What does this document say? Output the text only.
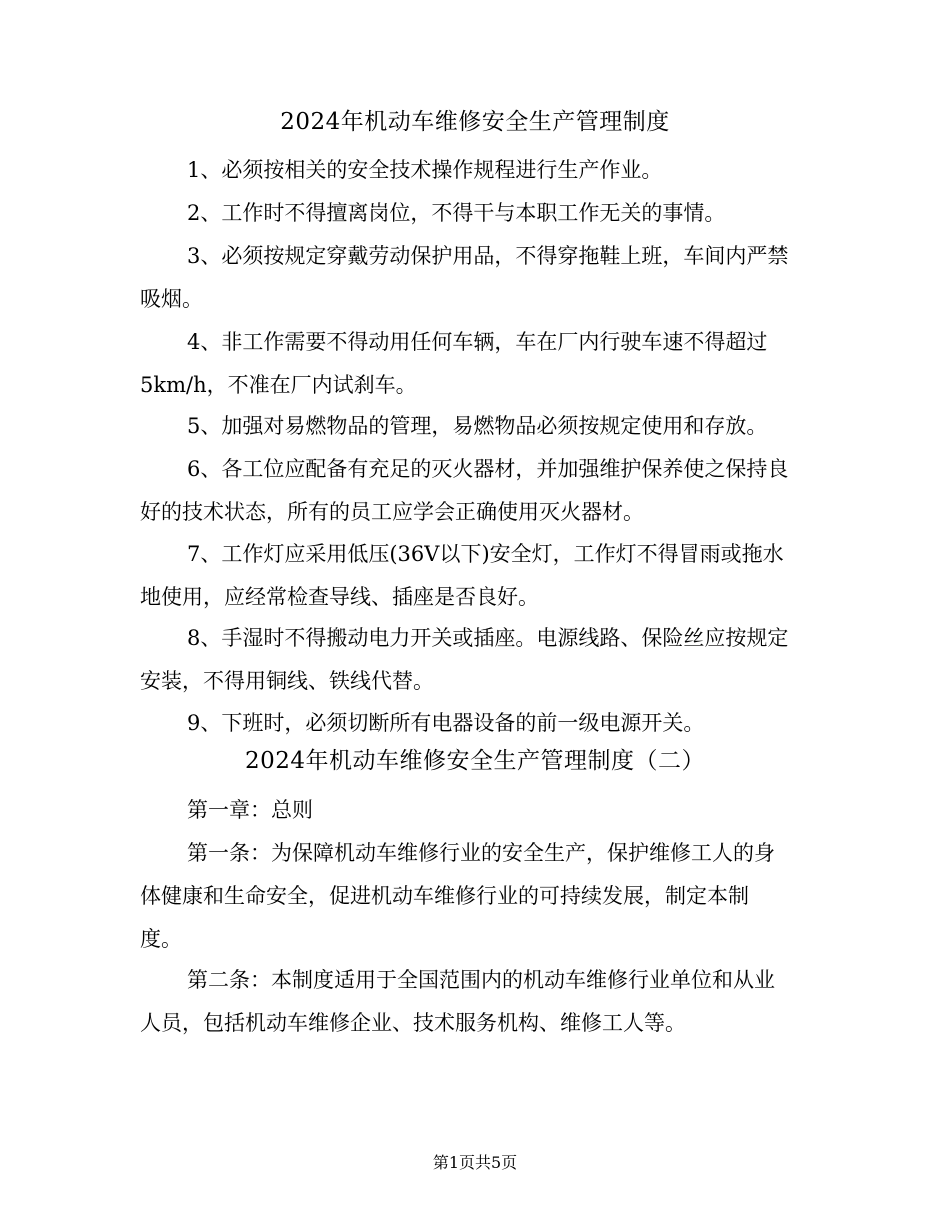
2024年机动车维修安全生产管理制度
1、必须按相关的安全技术操作规程进行生产作业。
2、工作时不得擅离岗位，不得干与本职工作无关的事情。
3、必须按规定穿戴劳动保护用品，不得穿拖鞋上班，车间内严禁
吸烟。
4、非工作需要不得动用任何车辆，车在厂内行驶车速不得超过
5km/h，不准在厂内试刹车。
5、加强对易燃物品的管理，易燃物品必须按规定使用和存放。
6、各工位应配备有充足的灭火器材，并加强维护保养使之保持良
好的技术状态，所有的员工应学会正确使用灭火器材。
7、工作灯应采用低压(36V以下)安全灯，工作灯不得冒雨或拖水
地使用，应经常检查导线、插座是否良好。
8、手湿时不得搬动电力开关或插座。电源线路、保险丝应按规定
安装，不得用铜线、铁线代替。
9、下班时，必须切断所有电器设备的前一级电源开关。
2024年机动车维修安全生产管理制度（二）
第一章：总则
第一条：为保障机动车维修行业的安全生产，保护维修工人的身
体健康和生命安全，促进机动车维修行业的可持续发展，制定本制
度。
第二条：本制度适用于全国范围内的机动车维修行业单位和从业
人员，包括机动车维修企业、技术服务机构、维修工人等。
第1页共5页
